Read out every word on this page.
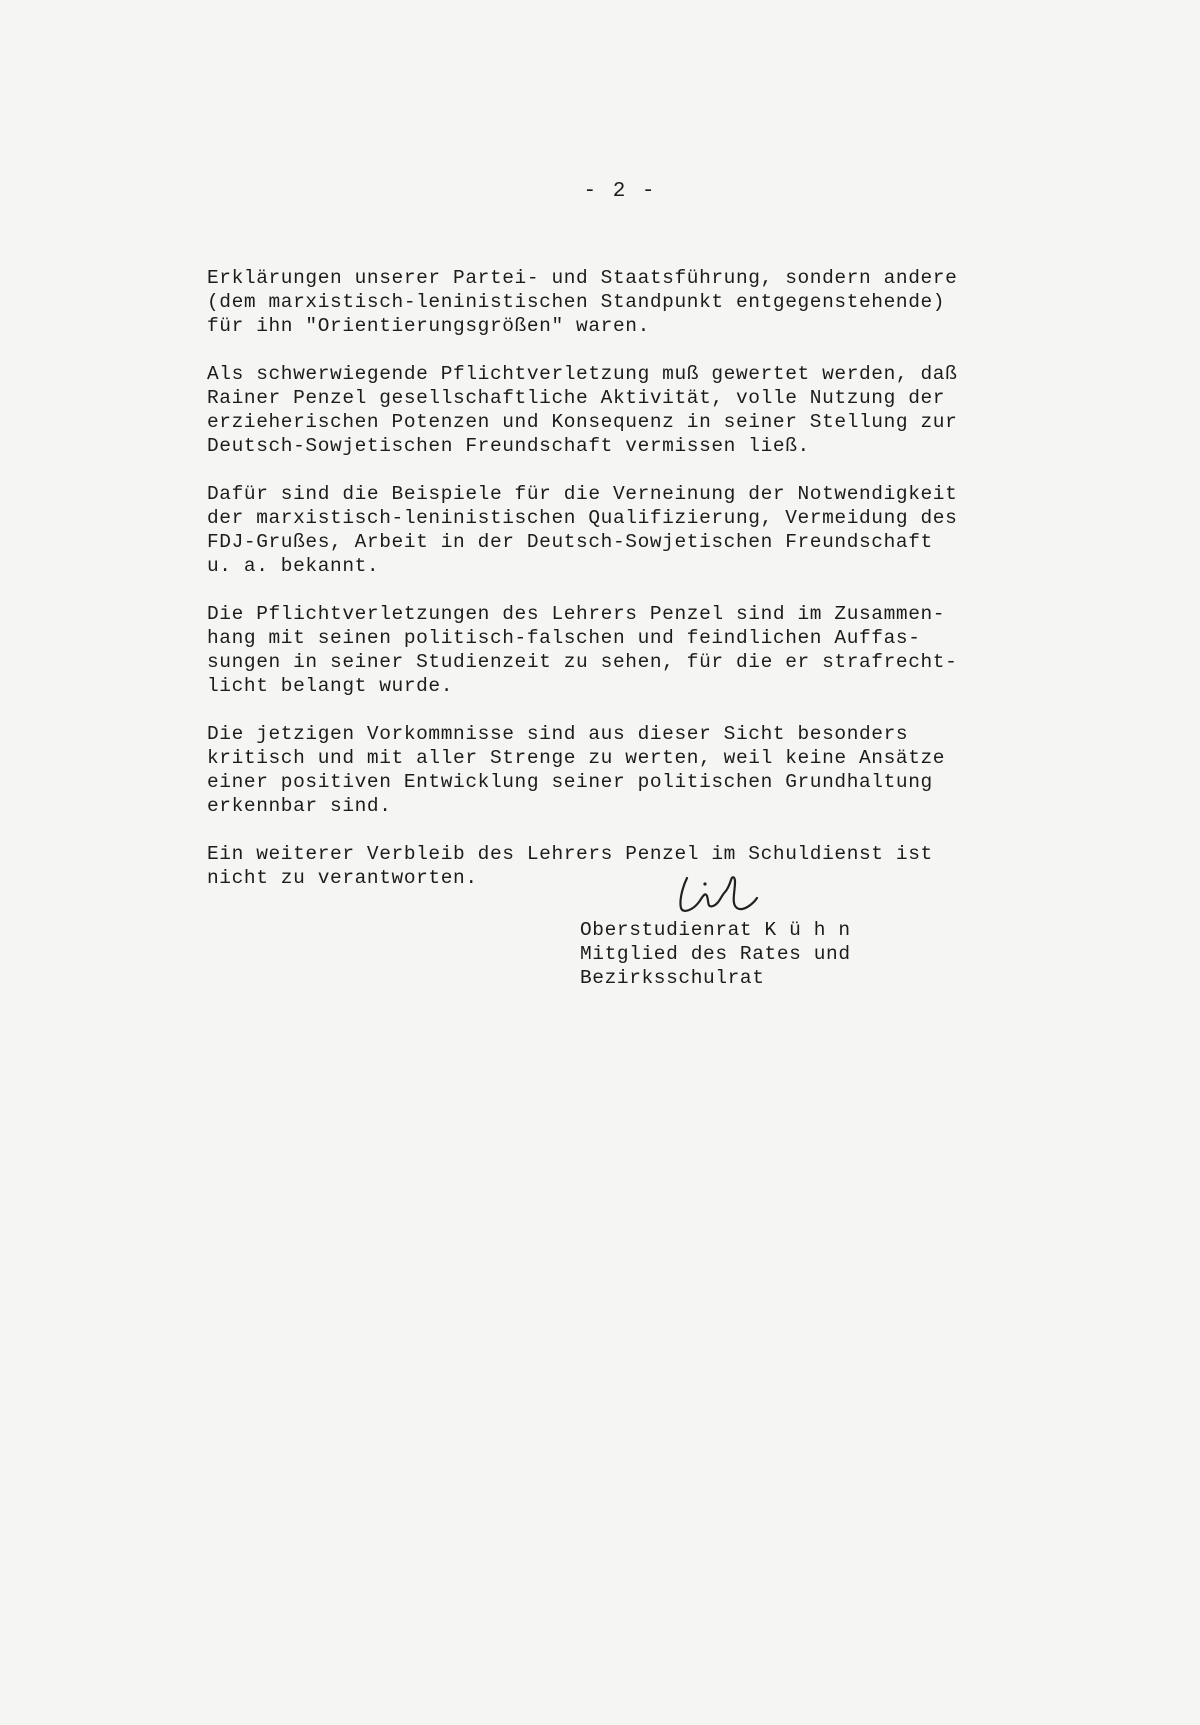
- 2 -

Erklärungen unserer Partei- und Staatsführung, sondern andere
(dem marxistisch-leninistischen Standpunkt entgegenstehende)
für ihn "Orientierungsgrößen" waren.

Als schwerwiegende Pflichtverletzung muß gewertet werden, daß
Rainer Penzel gesellschaftliche Aktivität, volle Nutzung der
erzieherischen Potenzen und Konsequenz in seiner Stellung zur
Deutsch-Sowjetischen Freundschaft vermissen ließ.

Dafür sind die Beispiele für die Verneinung der Notwendigkeit
der marxistisch-leninistischen Qualifizierung, Vermeidung des
FDJ-Grußes, Arbeit in der Deutsch-Sowjetischen Freundschaft
u. a. bekannt.

Die Pflichtverletzungen des Lehrers Penzel sind im Zusammen-
hang mit seinen politisch-falschen und feindlichen Auffas-
sungen in seiner Studienzeit zu sehen, für die er strafrecht-
licht belangt wurde.

Die jetzigen Vorkommnisse sind aus dieser Sicht besonders
kritisch und mit aller Strenge zu werten, weil keine Ansätze
einer positiven Entwicklung seiner politischen Grundhaltung
erkennbar sind.

Ein weiterer Verbleib des Lehrers Penzel im Schuldienst ist
nicht zu verantworten.

Oberstudienrat K ü h n
Mitglied des Rates und
Bezirksschulrat
